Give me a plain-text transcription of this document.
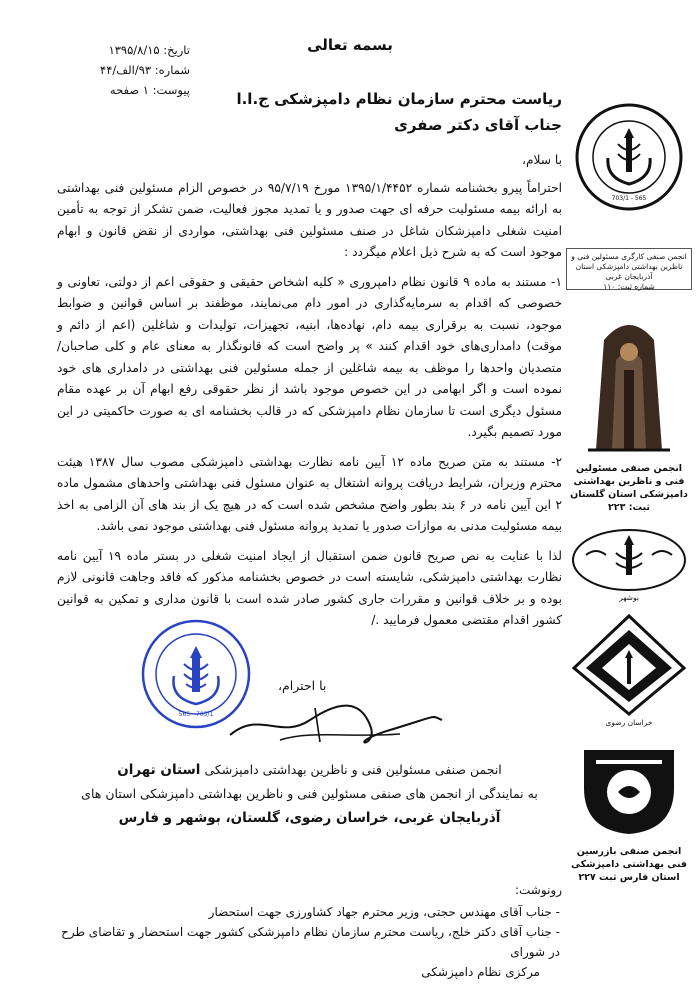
بسمه تعالی
تاریخ: ۱۳۹۵/۸/۱۵
شماره: ۹۳/الف/۴۴
پیوست: ۱ صفحه	ریاست محترم سازمان نظام دامپزشکی ج.ا.ا
جناب آقای دکتر صفری

با سلام،

احتراماً پیرو بخشنامه شماره ۱۳۹۵/۱/۴۴۵۲ مورخ ۹۵/۷/۱۹ در خصوص الزام مسئولین فنی بهداشتی به ارائه بیمه مسئولیت حرفه ای جهت صدور و یا تمدید مجوز فعالیت، ضمن تشکر از توجه به تأمین امنیت شغلی دامپزشکان شاغل در صنف مسئولین فنی بهداشتی، مواردی از نقض قانون و ابهام موجود است که به شرح ذیل اعلام میگردد :

۱- مستند به ماده ۹ قانون نظام دامپروری « کلیه اشخاص حقیقی و حقوقی اعم از دولتی، تعاونی و خصوصی که اقدام به سرمایه‌گذاری در امور دام می‌نمایند، موظفند بر اساس قوانین و ضوابط موجود، نسبت به برقراری بیمه دام، نهاده‌ها، ابنیه، تجهیزات، تولیدات و شاغلین (اعم از دائم و موقت) دامداری‌های خود اقدام کنند » پر واضح است که قانونگذار به معنای عام و کلی صاحبان/متصدیان واحدها را موظف به بیمه شاغلین از جمله مسئولین فنی بهداشتی در دامداری های خود نموده است و اگر ابهامی در این خصوص موجود باشد از نظر حقوقی رفع ابهام آن بر عهده مقام مسئول دیگری است تا سازمان نظام دامپزشکی که در قالب بخشنامه ای به صورت حاکمیتی در این مورد تصمیم بگیرد.

۲- مستند به متن صریح ماده ۱۲ آیین نامه نظارت بهداشتی دامپزشکی مصوب سال ۱۳۸۷ هیئت محترم وزیران، شرایط دریافت پروانه اشتغال به عنوان مسئول فنی بهداشتی واحدهای مشمول ماده ۲ این آیین نامه در ۶ بند بطور واضح مشخص شده است که در هیچ یک از بند های آن الزامی به اخذ بیمه مسئولیت مدنی به موازات صدور یا تمدید پروانه مسئول فنی بهداشتی موجود نمی باشد.

لذا با عنایت به نص صریح قانون ضمن استقبال از ایجاد امنیت شغلی در بستر ماده ۱۹ آیین نامه نظارت بهداشتی دامپزشکی، شایسته است در خصوص بخشنامه مذکور که فاقد وجاهت قانونی لازم بوده و بر خلاف قوانین و مقررات جاری کشور صادر شده است با قانون مداری و تمکین به قوانین کشور اقدام مقتضی معمول فرمایید ./

565 - 703/1
با احترام،
انجمن صنفی مسئولین فنی و ناظرین بهداشتی دامپزشکی استان تهران
به نمایندگی از انجمن های صنفی مسئولین فنی و ناظرین بهداشتی دامپزشکی استان های
آذربایجان غربی، خراسان رضوی، گلستان، بوشهر و فارس
رونوشت:
- جناب آقای مهندس حجتی، وزیر محترم جهاد کشاورزی جهت استحضار
- جناب آقای دکتر خلج، ریاست محترم سازمان نظام دامپزشکی کشور جهت استحضار و تقاضای طرح در شورای
مرکزی نظام دامپزشکی
703/1 - 565
انجمن صنفی کارگری مسئولین فنی و ناظرین بهداشتی دامپزشکی استان آذربایجان غربی
شماره ثبت: ۱۱۰
انجمن صنفی مسئولین فنی و ناظرین بهداشتی دامپزشکی استان گلستان ثبت: ۲۲۳
بوشهر
خراسان رضوی
انجمن صنفی بازرسین فنی بهداشتی دامپزشکی استان فارس ثبت ۲۲۷
